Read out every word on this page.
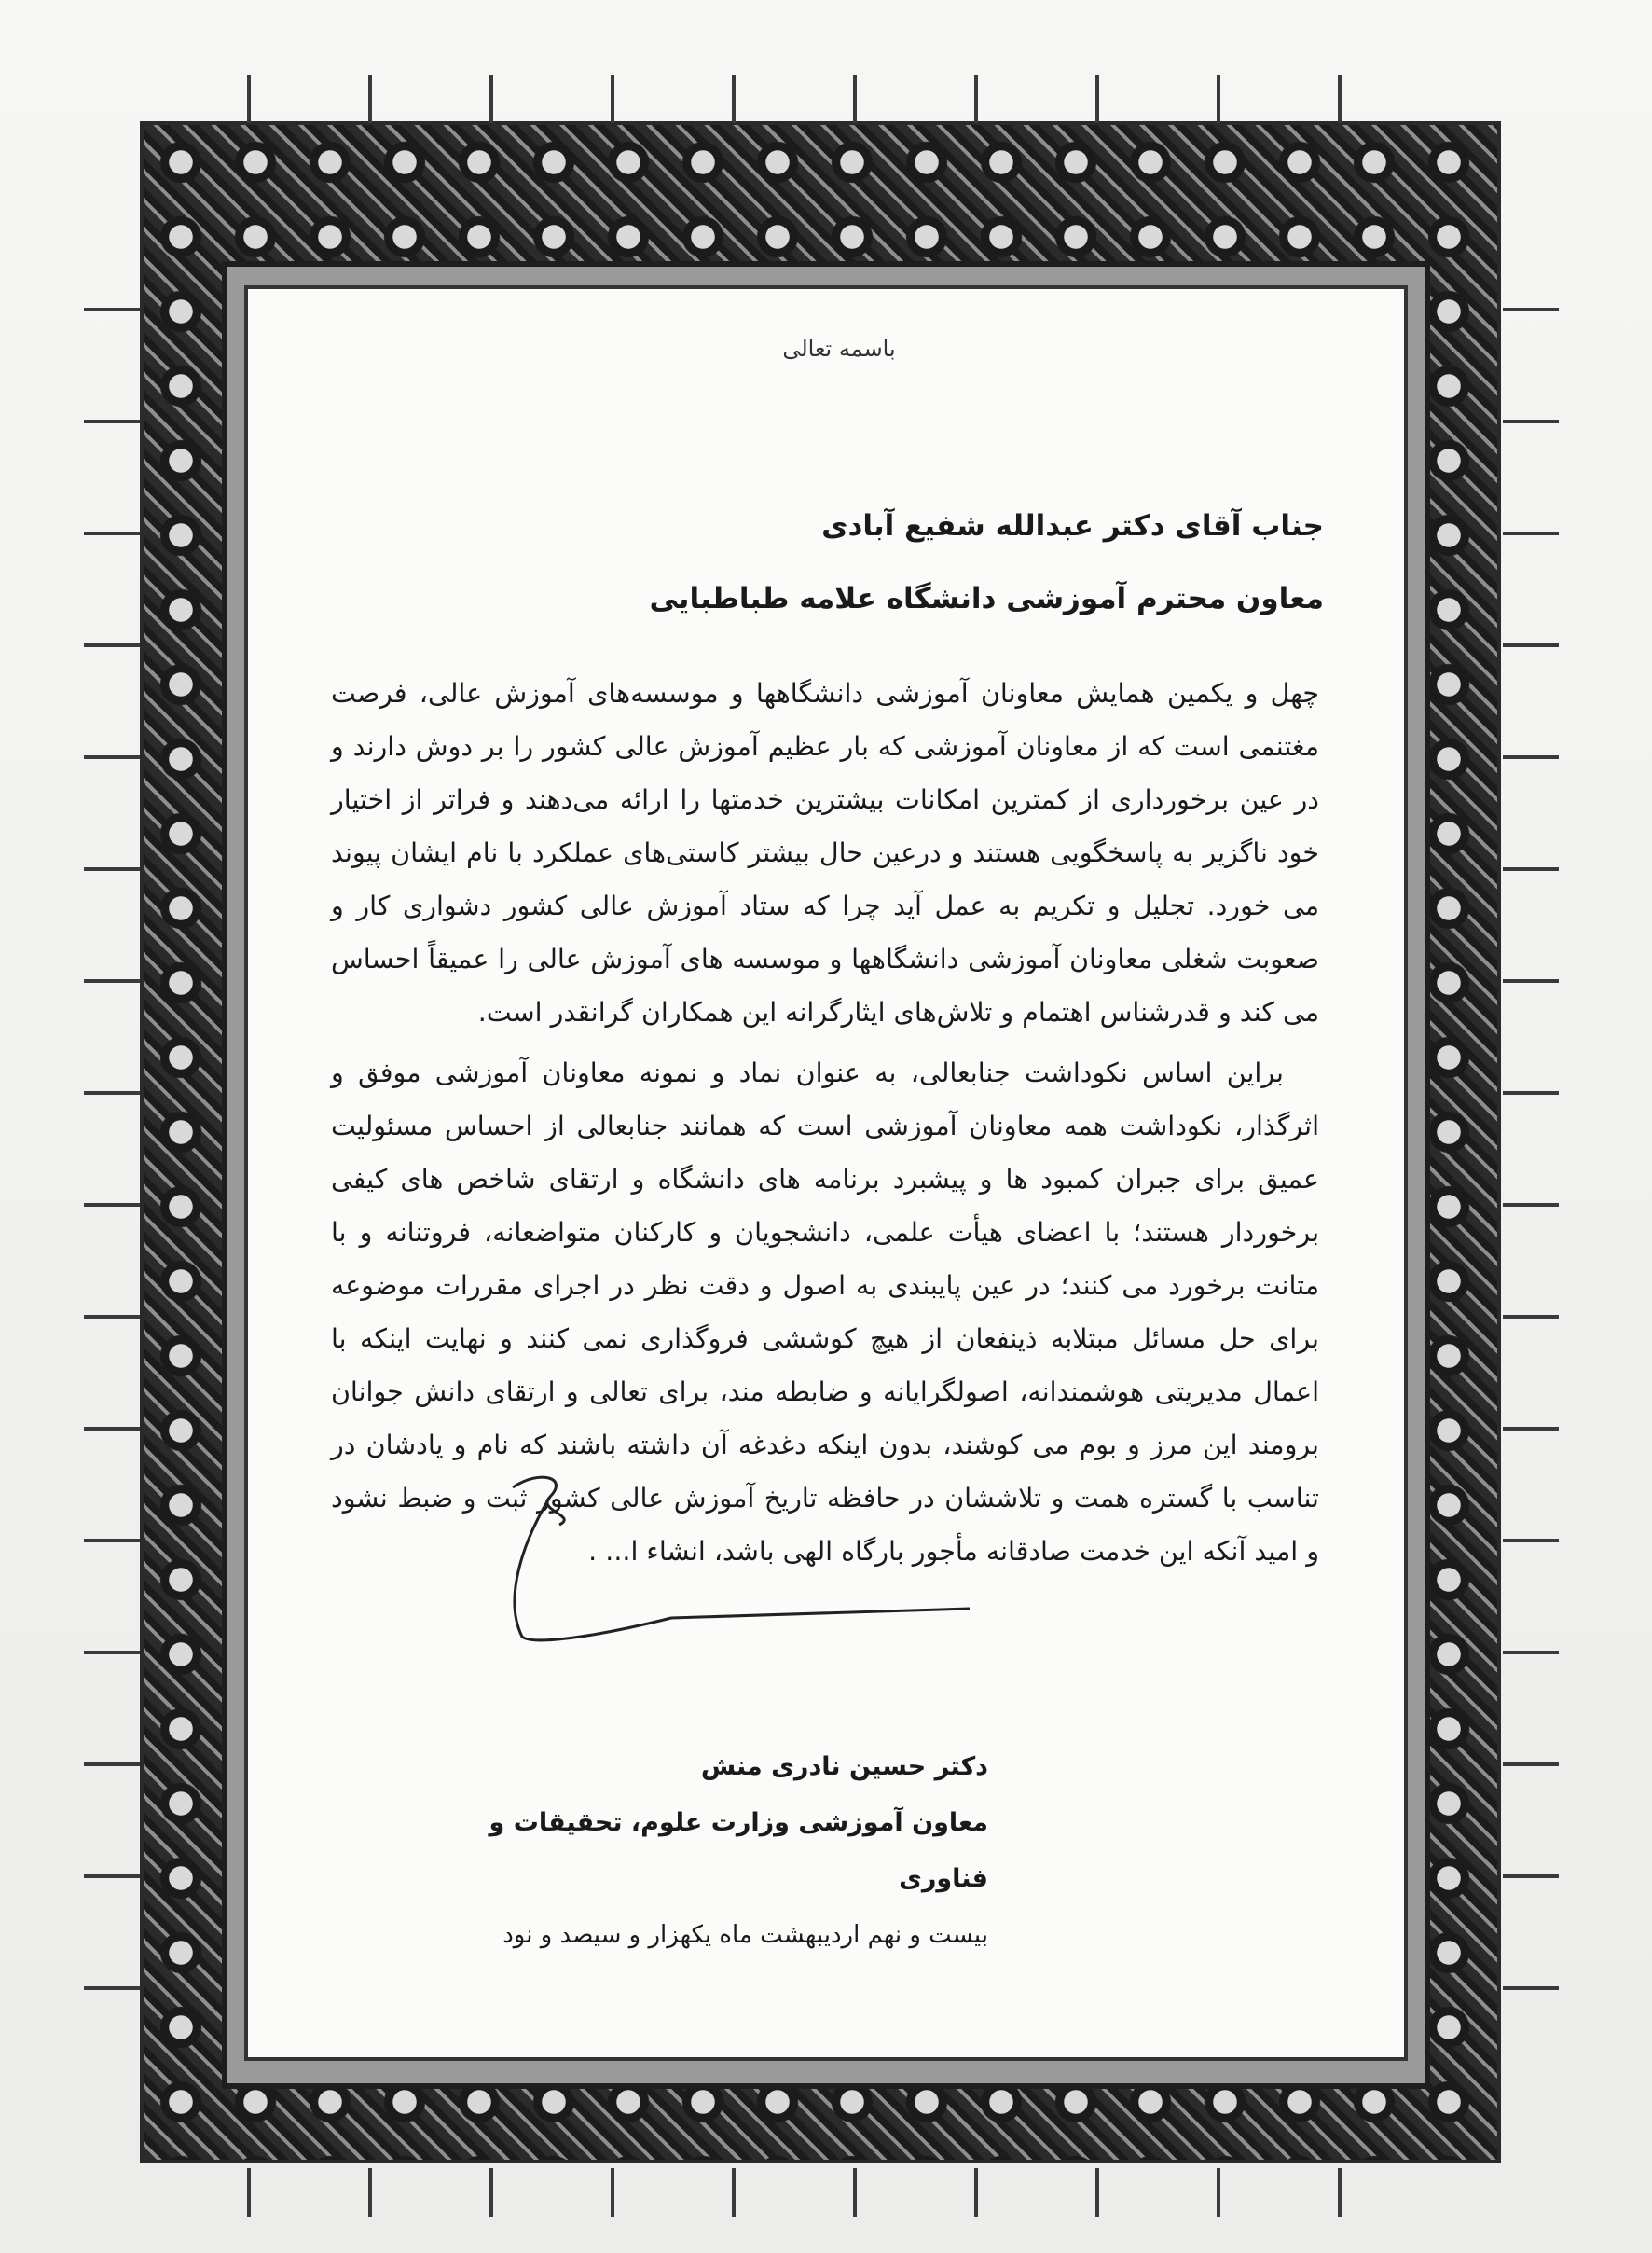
باسمه تعالی
جناب آقای دکتر عبدالله شفیع آبادی
معاون محترم آموزشی دانشگاه علامه طباطبایی

چهل و یکمین همایش معاونان آموزشی دانشگاهها و موسسه‌های آموزش عالی، فرصت مغتنمی است که از معاونان آموزشی که بار عظیم آموزش عالی کشور را بر دوش دارند و در عین برخورداری از کمترین امکانات بیشترین خدمتها را ارائه می‌دهند و فراتر از اختیار خود ناگزیر به پاسخگویی هستند و درعین حال بیشتر کاستی‌های عملکرد با نام ایشان پیوند می خورد. تجلیل و تکریم به عمل آید چرا که ستاد آموزش عالی کشور دشواری کار و صعوبت شغلی معاونان آموزشی دانشگاهها و موسسه های آموزش عالی را عمیقاً احساس می کند و قدرشناس اهتمام و تلاش‌های ایثارگرانه این همکاران گرانقدر است.

براین اساس نکوداشت جنابعالی، به عنوان نماد و نمونه معاونان آموزشی موفق و اثرگذار، نکوداشت همه معاونان آموزشی است که همانند جنابعالی از احساس مسئولیت عمیق برای جبران کمبود ها و پیشبرد برنامه های دانشگاه و ارتقای شاخص های کیفی برخوردار هستند؛ با اعضای هیأت علمی، دانشجویان و کارکنان متواضعانه، فروتنانه و با متانت برخورد می کنند؛ در عین پایبندی به اصول و دقت نظر در اجرای مقررات موضوعه برای حل مسائل مبتلابه ذینفعان از هیچ کوششی فروگذاری نمی کنند و نهایت اینکه با اعمال مدیریتی هوشمندانه، اصولگرایانه و ضابطه مند، برای تعالی و ارتقای دانش جوانان برومند این مرز و بوم می کوشند، بدون اینکه دغدغه آن داشته باشند که نام و یادشان در تناسب با گستره همت و تلاششان در حافظه تاریخ آموزش عالی کشور ثبت و ضبط نشود و امید آنکه این خدمت صادقانه مأجور بارگاه الهی باشد، انشاء ا... .

دکتر حسین نادری منش
معاون آموزشی وزارت علوم، تحقیقات و فناوری
بیست و نهم اردیبهشت ماه یکهزار و سیصد و نود
